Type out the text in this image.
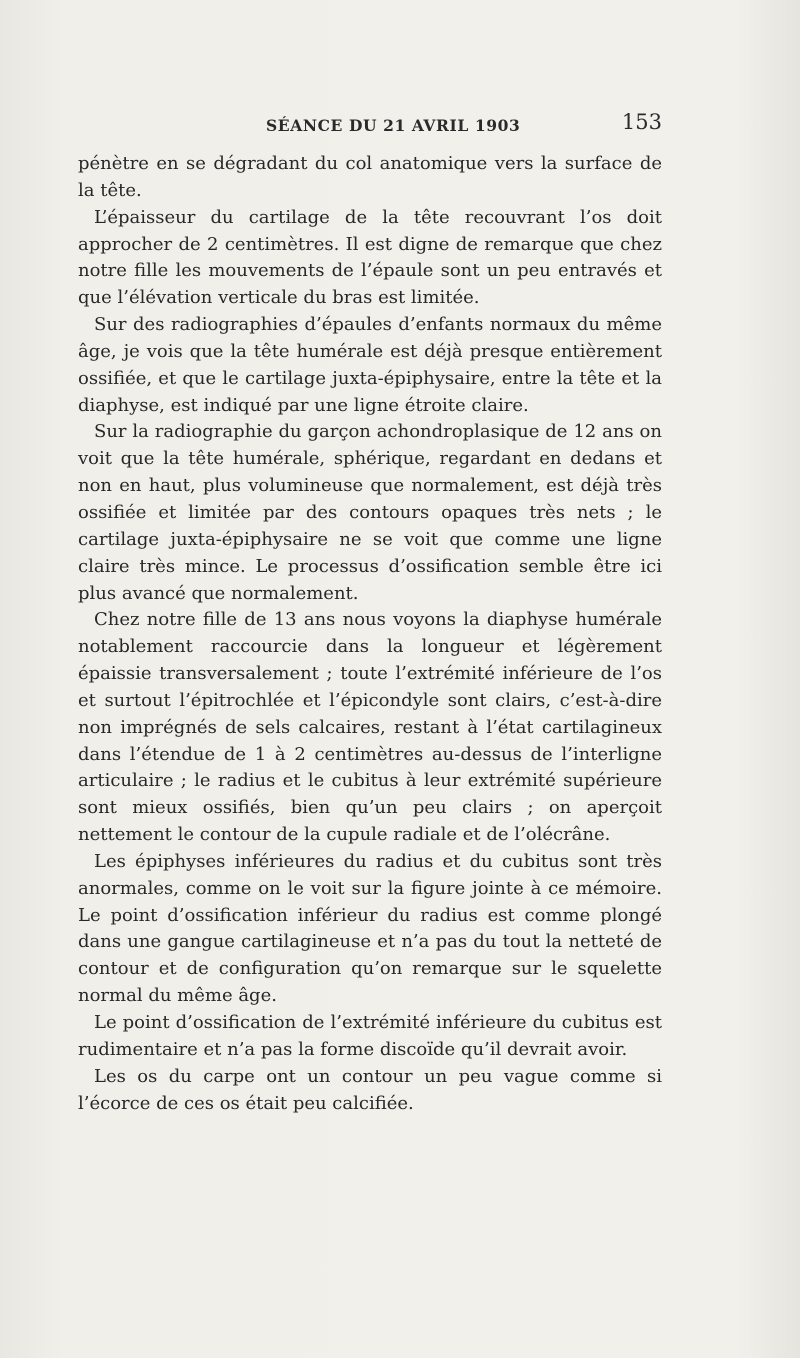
SÉANCE DU 21 AVRIL 1903	153

pénètre en se dégradant du col anatomique vers la surface de la tête.

L’épaisseur du cartilage de la tête recouvrant l’os doit approcher de 2 centimètres. Il est digne de remarque que chez notre fille les mouvements de l’épaule sont un peu entravés et que l’élévation verticale du bras est limitée.

Sur des radiographies d’épaules d’enfants normaux du même âge, je vois que la tête humérale est déjà presque entièrement ossifiée, et que le cartilage juxta-épiphysaire, entre la tête et la diaphyse, est indiqué par une ligne étroite claire.

Sur la radiographie du garçon achondroplasique de 12 ans on voit que la tête humérale, sphérique, regardant en dedans et non en haut, plus volumineuse que normalement, est déjà très ossifiée et limitée par des contours opaques très nets ; le cartilage juxta-épiphysaire ne se voit que comme une ligne claire très mince. Le processus d’ossification semble être ici plus avancé que normalement.

Chez notre fille de 13 ans nous voyons la diaphyse humérale notablement raccourcie dans la longueur et légèrement épaissie transversalement ; toute l’extrémité inférieure de l’os et surtout l’épitrochlée et l’épicondyle sont clairs, c’est-à-dire non imprégnés de sels calcaires, restant à l’état cartilagineux dans l’étendue de 1 à 2 centimètres au-dessus de l’interligne articulaire ; le radius et le cubitus à leur extrémité supérieure sont mieux ossifiés, bien qu’un peu clairs ; on aperçoit nettement le contour de la cupule radiale et de l’olécrâne.

Les épiphyses inférieures du radius et du cubitus sont très anormales, comme on le voit sur la figure jointe à ce mémoire. Le point d’ossification inférieur du radius est comme plongé dans une gangue cartilagineuse et n’a pas du tout la netteté de contour et de configuration qu’on remarque sur le squelette normal du même âge.

Le point d’ossification de l’extrémité inférieure du cubitus est rudimentaire et n’a pas la forme discoïde qu’il devrait avoir.

Les os du carpe ont un contour un peu vague comme si l’écorce de ces os était peu calcifiée.
